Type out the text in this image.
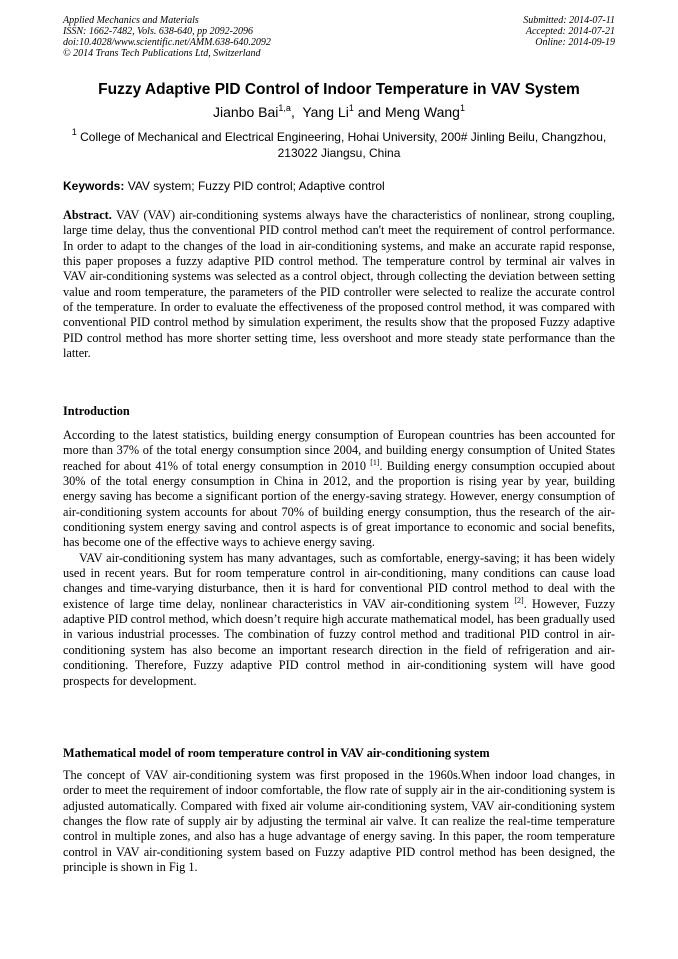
Applied Mechanics and Materials
ISSN: 1662-7482, Vols. 638-640, pp 2092-2096
doi:10.4028/www.scientific.net/AMM.638-640.2092
© 2014 Trans Tech Publications Ltd, Switzerland
Submitted: 2014-07-11
Accepted: 2014-07-21
Online: 2014-09-19
Fuzzy Adaptive PID Control of Indoor Temperature in VAV System
Jianbo Bai$^{1,a}$,  Yang Li$^1$ and Meng Wang$^1$
$^1$ College of Mechanical and Electrical Engineering, Hohai University, 200# Jinling Beilu, Changzhou, 213022 Jiangsu, China
Keywords: VAV system; Fuzzy PID control; Adaptive control
Abstract. VAV (VAV) air-conditioning systems always have the characteristics of nonlinear, strong coupling, large time delay, thus the conventional PID control method can't meet the requirement of control performance. In order to adapt to the changes of the load in air-conditioning systems, and make an accurate rapid response, this paper proposes a fuzzy adaptive PID control method. The temperature control by terminal air valves in VAV air-conditioning systems was selected as a control object, through collecting the deviation between setting value and room temperature, the parameters of the PID controller were selected to realize the accurate control of the temperature. In order to evaluate the effectiveness of the proposed control method, it was compared with conventional PID control method by simulation experiment, the results show that the proposed Fuzzy adaptive PID control method has more shorter setting time, less overshoot and more steady state performance than the latter.
Introduction

According to the latest statistics, building energy consumption of European countries has been accounted for more than 37% of the total energy consumption since 2004, and building energy consumption of United States reached for about 41% of total energy consumption in 2010 [1]. Building energy consumption occupied about 30% of the total energy consumption in China in 2012, and the proportion is rising year by year, building energy saving has become a significant portion of the energy-saving strategy. However, energy consumption of air-conditioning system accounts for about 70% of building energy consumption, thus the research of the air-conditioning system energy saving and control aspects is of great importance to economic and social benefits, has become one of the effective ways to achieve energy saving.

VAV air-conditioning system has many advantages, such as comfortable, energy-saving; it has been widely used in recent years. But for room temperature control in air-conditioning, many conditions can cause load changes and time-varying disturbance, then it is hard for conventional PID control method to deal with the existence of large time delay, nonlinear characteristics in VAV air-conditioning system [2]. However, Fuzzy adaptive PID control method, which doesn’t require high accurate mathematical model, has been gradually used in various industrial processes. The combination of fuzzy control method and traditional PID control in air-conditioning system has also become an important research direction in the field of refrigeration and air-conditioning. Therefore, Fuzzy adaptive PID control method in air-conditioning system will have good prospects for development.

Mathematical model of room temperature control in VAV air-conditioning system

The concept of VAV air-conditioning system was first proposed in the 1960s.When indoor load changes, in order to meet the requirement of indoor comfortable, the flow rate of supply air in the air-conditioning system is adjusted automatically. Compared with fixed air volume air-conditioning system, VAV air-conditioning system changes the flow rate of supply air by adjusting the terminal air valve. It can realize the real-time temperature control in multiple zones, and also has a huge advantage of energy saving. In this paper, the room temperature control in VAV air-conditioning system based on Fuzzy adaptive PID control method has been designed, the principle is shown in Fig 1.
